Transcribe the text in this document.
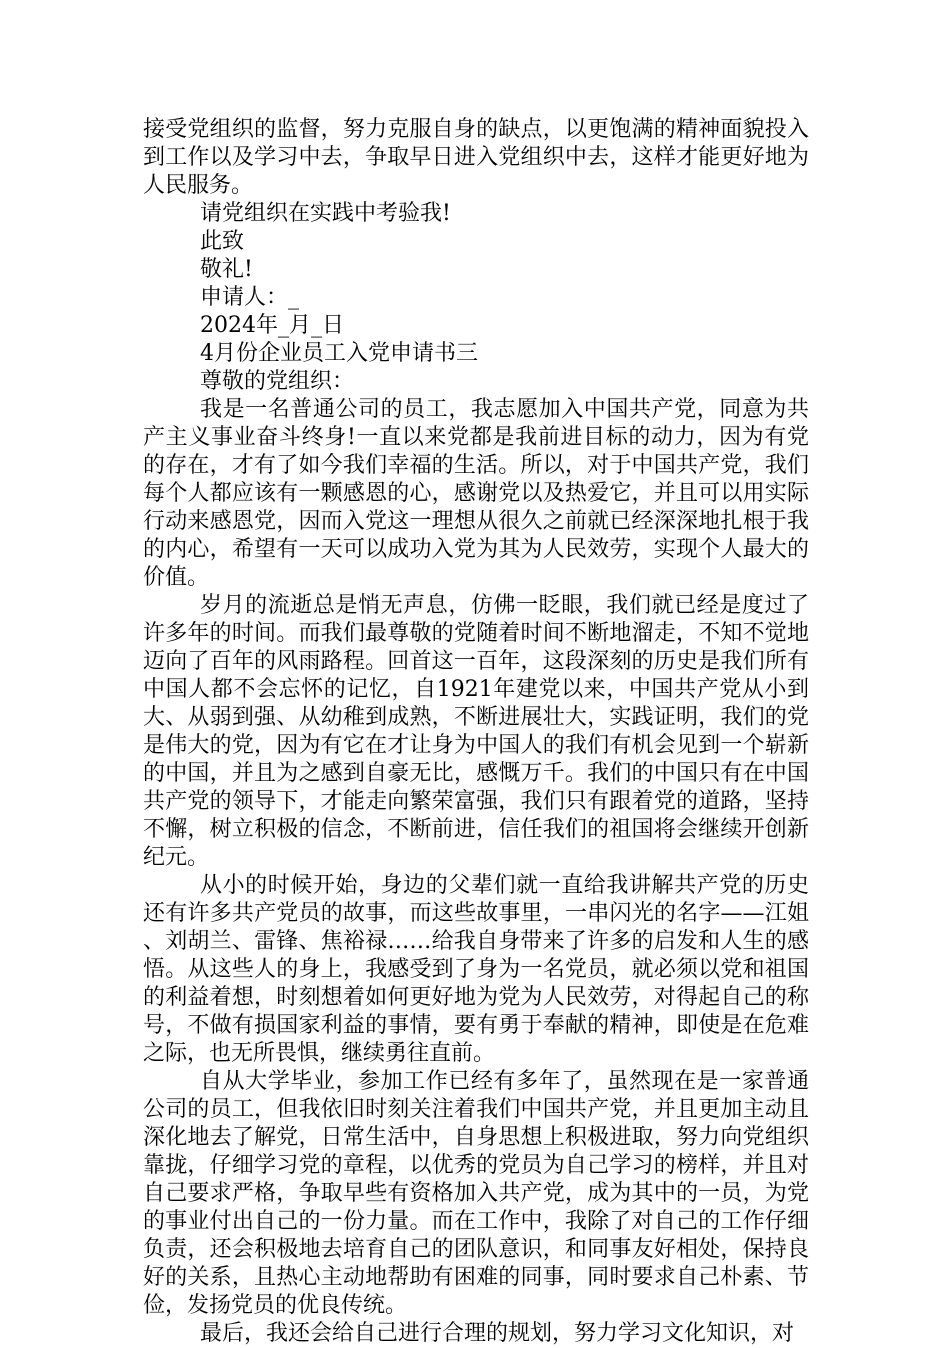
接受党组织的监督，努力克服自身的缺点，以更饱满的精神面貌投入到工作以及学习中去，争取早日进入党组织中去，这样才能更好地为人民服务。

请党组织在实践中考验我!

此致

敬礼!

申请人：_

2024年_月_日

4月份企业员工入党申请书三

尊敬的党组织：

我是一名普通公司的员工，我志愿加入中国共产党，同意为共产主义事业奋斗终身!一直以来党都是我前进目标的动力，因为有党的存在，才有了如今我们幸福的生活。所以，对于中国共产党，我们每个人都应该有一颗感恩的心，感谢党以及热爱它，并且可以用实际行动来感恩党，因而入党这一理想从很久之前就已经深深地扎根于我的内心，希望有一天可以成功入党为其为人民效劳，实现个人最大的价值。

岁月的流逝总是悄无声息，仿佛一眨眼，我们就已经是度过了许多年的时间。而我们最尊敬的党随着时间不断地溜走，不知不觉地迈向了百年的风雨路程。回首这一百年，这段深刻的历史是我们所有中国人都不会忘怀的记忆，自1921年建党以来，中国共产党从小到大、从弱到强、从幼稚到成熟，不断进展壮大，实践证明，我们的党是伟大的党，因为有它在才让身为中国人的我们有机会见到一个崭新的中国，并且为之感到自豪无比，感慨万千。我们的中国只有在中国共产党的领导下，才能走向繁荣富强，我们只有跟着党的道路，坚持不懈，树立积极的信念，不断前进，信任我们的祖国将会继续开创新纪元。

从小的时候开始，身边的父辈们就一直给我讲解共产党的历史还有许多共产党员的故事，而这些故事里，一串闪光的名字——江姐、刘胡兰、雷锋、焦裕禄……给我自身带来了许多的启发和人生的感悟。从这些人的身上，我感受到了身为一名党员，就必须以党和祖国的利益着想，时刻想着如何更好地为党为人民效劳，对得起自己的称号，不做有损国家利益的事情，要有勇于奉献的精神，即使是在危难之际，也无所畏惧，继续勇往直前。

自从大学毕业，参加工作已经有多年了，虽然现在是一家普通公司的员工，但我依旧时刻关注着我们中国共产党，并且更加主动且深化地去了解党，日常生活中，自身思想上积极进取，努力向党组织靠拢，仔细学习党的章程，以优秀的党员为自己学习的榜样，并且对自己要求严格，争取早些有资格加入共产党，成为其中的一员，为党的事业付出自己的一份力量。而在工作中，我除了对自己的工作仔细负责，还会积极地去培育自己的团队意识，和同事友好相处，保持良好的关系，且热心主动地帮助有困难的同事，同时要求自己朴素、节俭，发扬党员的优良传统。

最后，我还会给自己进行合理的规划，努力学习文化知识，对
